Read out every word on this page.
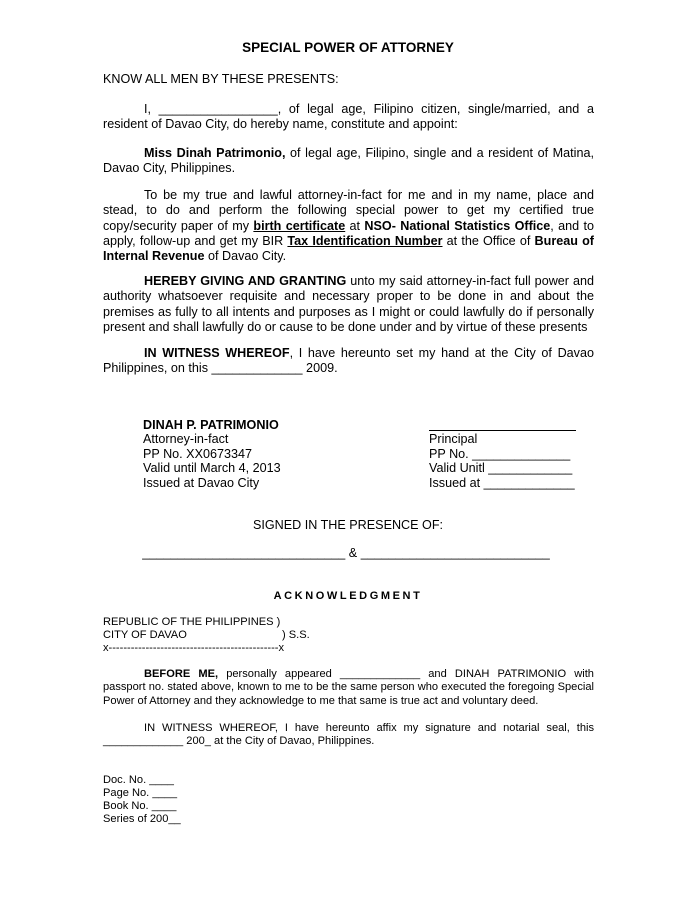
SPECIAL POWER OF ATTORNEY
KNOW ALL MEN BY THESE PRESENTS:

I, _________________, of legal age, Filipino citizen, single/married, and a resident of Davao City, do hereby name, constitute and appoint:

Miss Dinah Patrimonio, of legal age, Filipino, single and a resident of Matina, Davao City, Philippines.

To be my true and lawful attorney-in-fact for me and in my name, place and stead, to do and perform the following special power to get my certified true copy/security paper of my birth certificate at NSO- National Statistics Office, and to apply, follow-up and get my BIR Tax Identification Number at the Office of Bureau of Internal Revenue of Davao City.

HEREBY GIVING AND GRANTING unto my said attorney-in-fact full power and authority whatsoever requisite and necessary proper to be done in and about the premises as fully to all intents and purposes as I might or could lawfully do if personally present and shall lawfully do or cause to be done under and by virtue of these presents

IN WITNESS WHEREOF, I have hereunto set my hand at the City of Davao Philippines, on this _____________ 2009.

DINAH P. PATRIMONIO
Attorney-in-fact
PP No. XX0673347
Valid until March 4, 2013
Issued at Davao City
Principal
PP No. ______________
Valid Unitl ____________
Issued at _____________
SIGNED IN THE PRESENCE OF:
_____________________________ & ___________________________
ACKNOWLEDGMENT
REPUBLIC OF THE PHILIPPINES )
CITY OF DAVAO	) S.S.
x----------------------------------------------x

BEFORE ME, personally appeared _____________ and DINAH PATRIMONIO with passport no. stated above, known to me to be the same person who executed the foregoing Special Power of Attorney and they acknowledge to me that same is true act and voluntary deed.

IN WITNESS WHEREOF, I have hereunto affix my signature and notarial seal, this _____________ 200_ at the City of Davao, Philippines.

Doc. No. ____
Page No. ____
Book No. ____
Series of 200__
